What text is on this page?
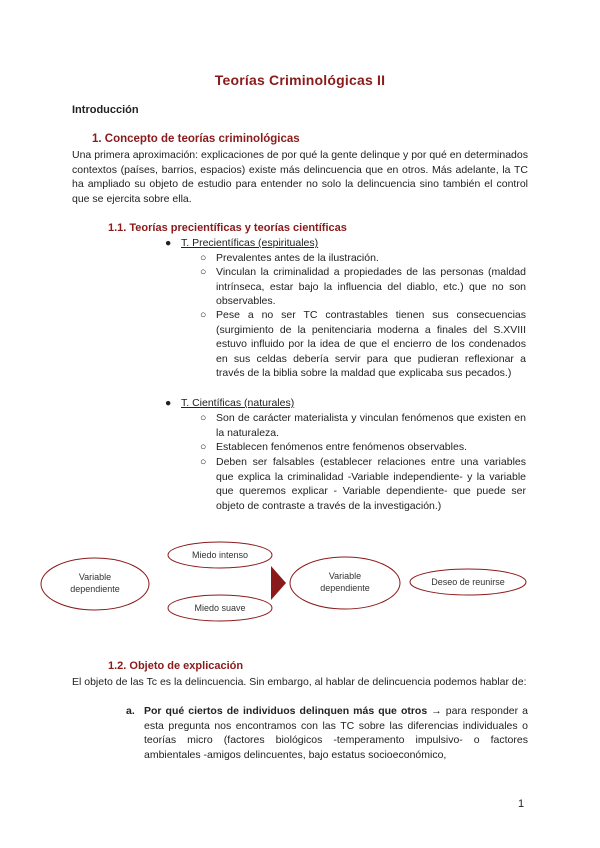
Teorías Criminológicas II
Introducción
1. Concepto de teorías criminológicas

Una primera aproximación: explicaciones de por qué la gente delinque y por qué en determinados contextos (países, barrios, espacios) existe más delincuencia que en otros. Más adelante, la TC ha ampliado su objeto de estudio para entender no solo la delincuencia sino también el control que se ejercita sobre ella.

1.1. Teorías precientíficas y teorías científicas
● T. Precientíficas (espirituales)
○ Prevalentes antes de la ilustración.
○ Vinculan la criminalidad a propiedades de las personas (maldad intrínseca, estar bajo la influencia del diablo, etc.) que no son observables.
○ Pese a no ser TC contrastables tienen sus consecuencias (surgimiento de la penitenciaria moderna a finales del S.XVIII estuvo influido por la idea de que el encierro de los condenados en sus celdas debería servir para que pudieran reflexionar a través de la biblia sobre la maldad que explicaba sus pecados.)
● T. Científicas (naturales)
○ Son de carácter materialista y vinculan fenómenos que existen en la naturaleza.
○ Establecen fenómenos entre fenómenos observables.
○ Deben ser falsables (establecer relaciones entre una variables que explica la criminalidad -Variable independiente- y la variable que queremos explicar - Variable dependiente- que puede ser objeto de contraste a través de la investigación.)
Variable
dependiente
Miedo intenso
Miedo suave
Variable
dependiente
Deseo de reunirse
1.2. Objeto de explicación

El objeto de las Tc es la delincuencia. Sin embargo, al hablar de delincuencia podemos hablar de:

a. Por qué ciertos de individuos delinquen más que otros → para responder a esta pregunta nos encontramos con las TC sobre las diferencias individuales o teorías micro (factores biológicos -temperamento impulsivo- o factores ambientales -amigos delincuentes, bajo estatus socioeconómico,
1
